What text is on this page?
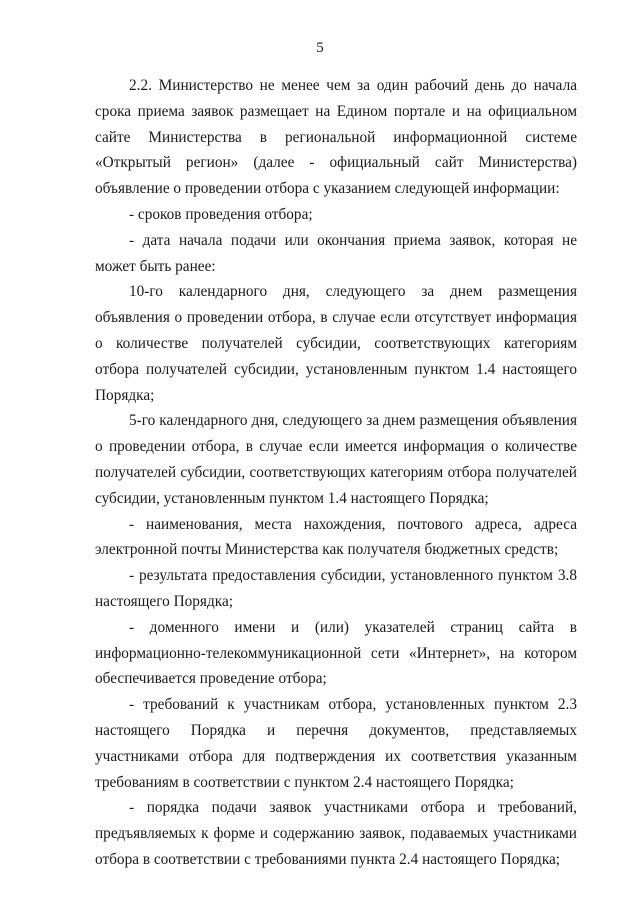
5

2.2. Министерство не менее чем за один рабочий день до начала срока приема заявок размещает на Едином портале и на официальном сайте Министерства в региональной информационной системе «Открытый регион» (далее - официальный сайт Министерства) объявление о проведении отбора с указанием следующей информации:

- сроков проведения отбора;

- дата начала подачи или окончания приема заявок, которая не может быть ранее:

10-го календарного дня, следующего за днем размещения объявления о проведении отбора, в случае если отсутствует информация о количестве получателей субсидии, соответствующих категориям отбора получателей субсидии, установленным пунктом 1.4 настоящего Порядка;

5-го календарного дня, следующего за днем размещения объявления о проведении отбора, в случае если имеется информация о количестве получателей субсидии, соответствующих категориям отбора получателей субсидии, установленным пунктом 1.4 настоящего Порядка;

- наименования, места нахождения, почтового адреса, адреса электронной почты Министерства как получателя бюджетных средств;

- результата предоставления субсидии, установленного пунктом 3.8 настоящего Порядка;

- доменного имени и (или) указателей страниц сайта в информационно-телекоммуникационной сети «Интернет», на котором обеспечивается проведение отбора;

- требований к участникам отбора, установленных пунктом 2.3 настоящего Порядка и перечня документов, представляемых участниками отбора для подтверждения их соответствия указанным требованиям в соответствии с пунктом 2.4 настоящего Порядка;

- порядка подачи заявок участниками отбора и требований, предъявляемых к форме и содержанию заявок, подаваемых участниками отбора в соответствии с требованиями пункта 2.4 настоящего Порядка;
